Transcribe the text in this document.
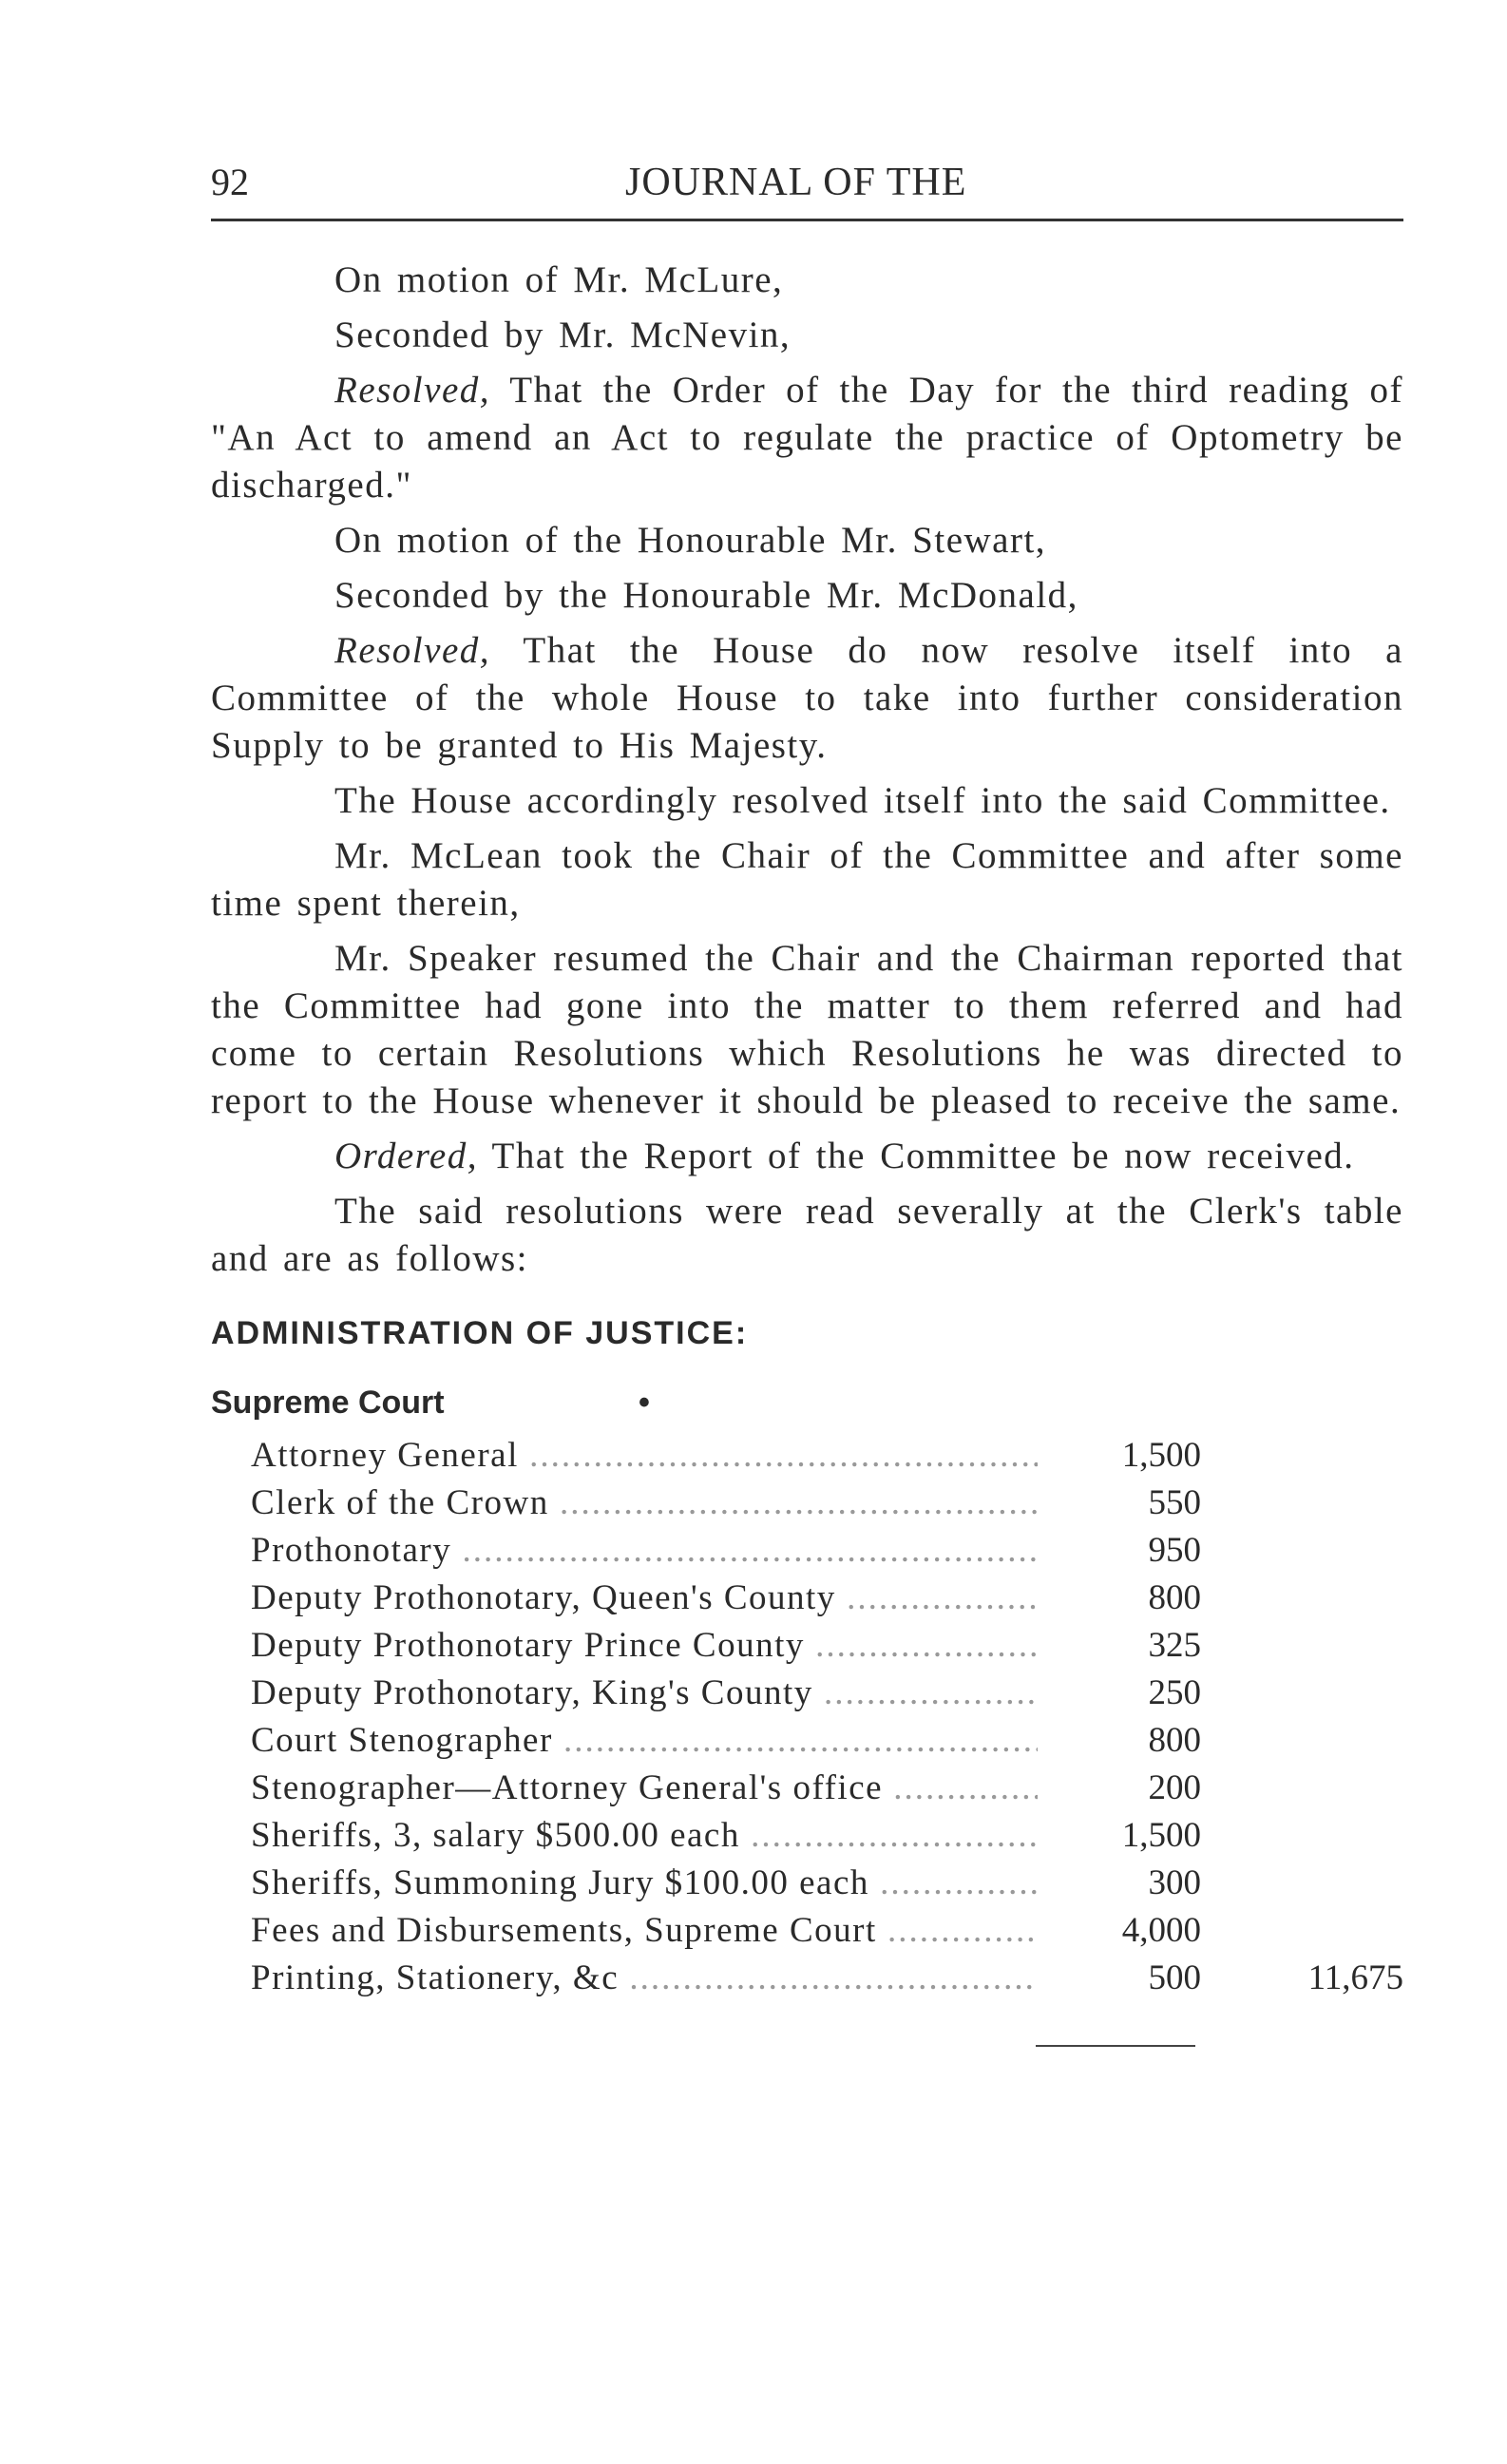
92	JOURNAL OF THE

On motion of Mr. McLure,

Seconded by Mr. McNevin,

Resolved, That the Order of the Day for the third reading of "An Act to amend an Act to regulate the practice of Optometry be discharged."

On motion of the Honourable Mr. Stewart,

Seconded by the Honourable Mr. McDonald,

Resolved, That the House do now resolve itself into a Committee of the whole House to take into further consideration Supply to be granted to His Majesty.

The House accordingly resolved itself into the said Committee.

Mr. McLean took the Chair of the Committee and after some time spent therein,

Mr. Speaker resumed the Chair and the Chairman reported that the Committee had gone into the matter to them referred and had come to certain Resolutions which Resolutions he was directed to report to the House whenever it should be pleased to receive the same.

Ordered, That the Report of the Committee be now received.

The said resolutions were read severally at the Clerk's table and are as follows:

ADMINISTRATION OF JUSTICE:
Supreme Court	•
Attorney General .....	1,500
Clerk of the Crown .....	550
Prothonotary .....	950
Deputy Prothonotary, Queen's County .....	800
Deputy Prothonotary Prince County .....	325
Deputy Prothonotary, King's County .....	250
Court Stenographer .....	800
Stenographer—Attorney General's office .....	200
Sheriffs, 3, salary $500.00 each .....	1,500
Sheriffs, Summoning Jury $100.00 each .....	300
Fees and Disbursements, Supreme Court .....	4,000
Printing, Stationery, &c .....	500	11,675
